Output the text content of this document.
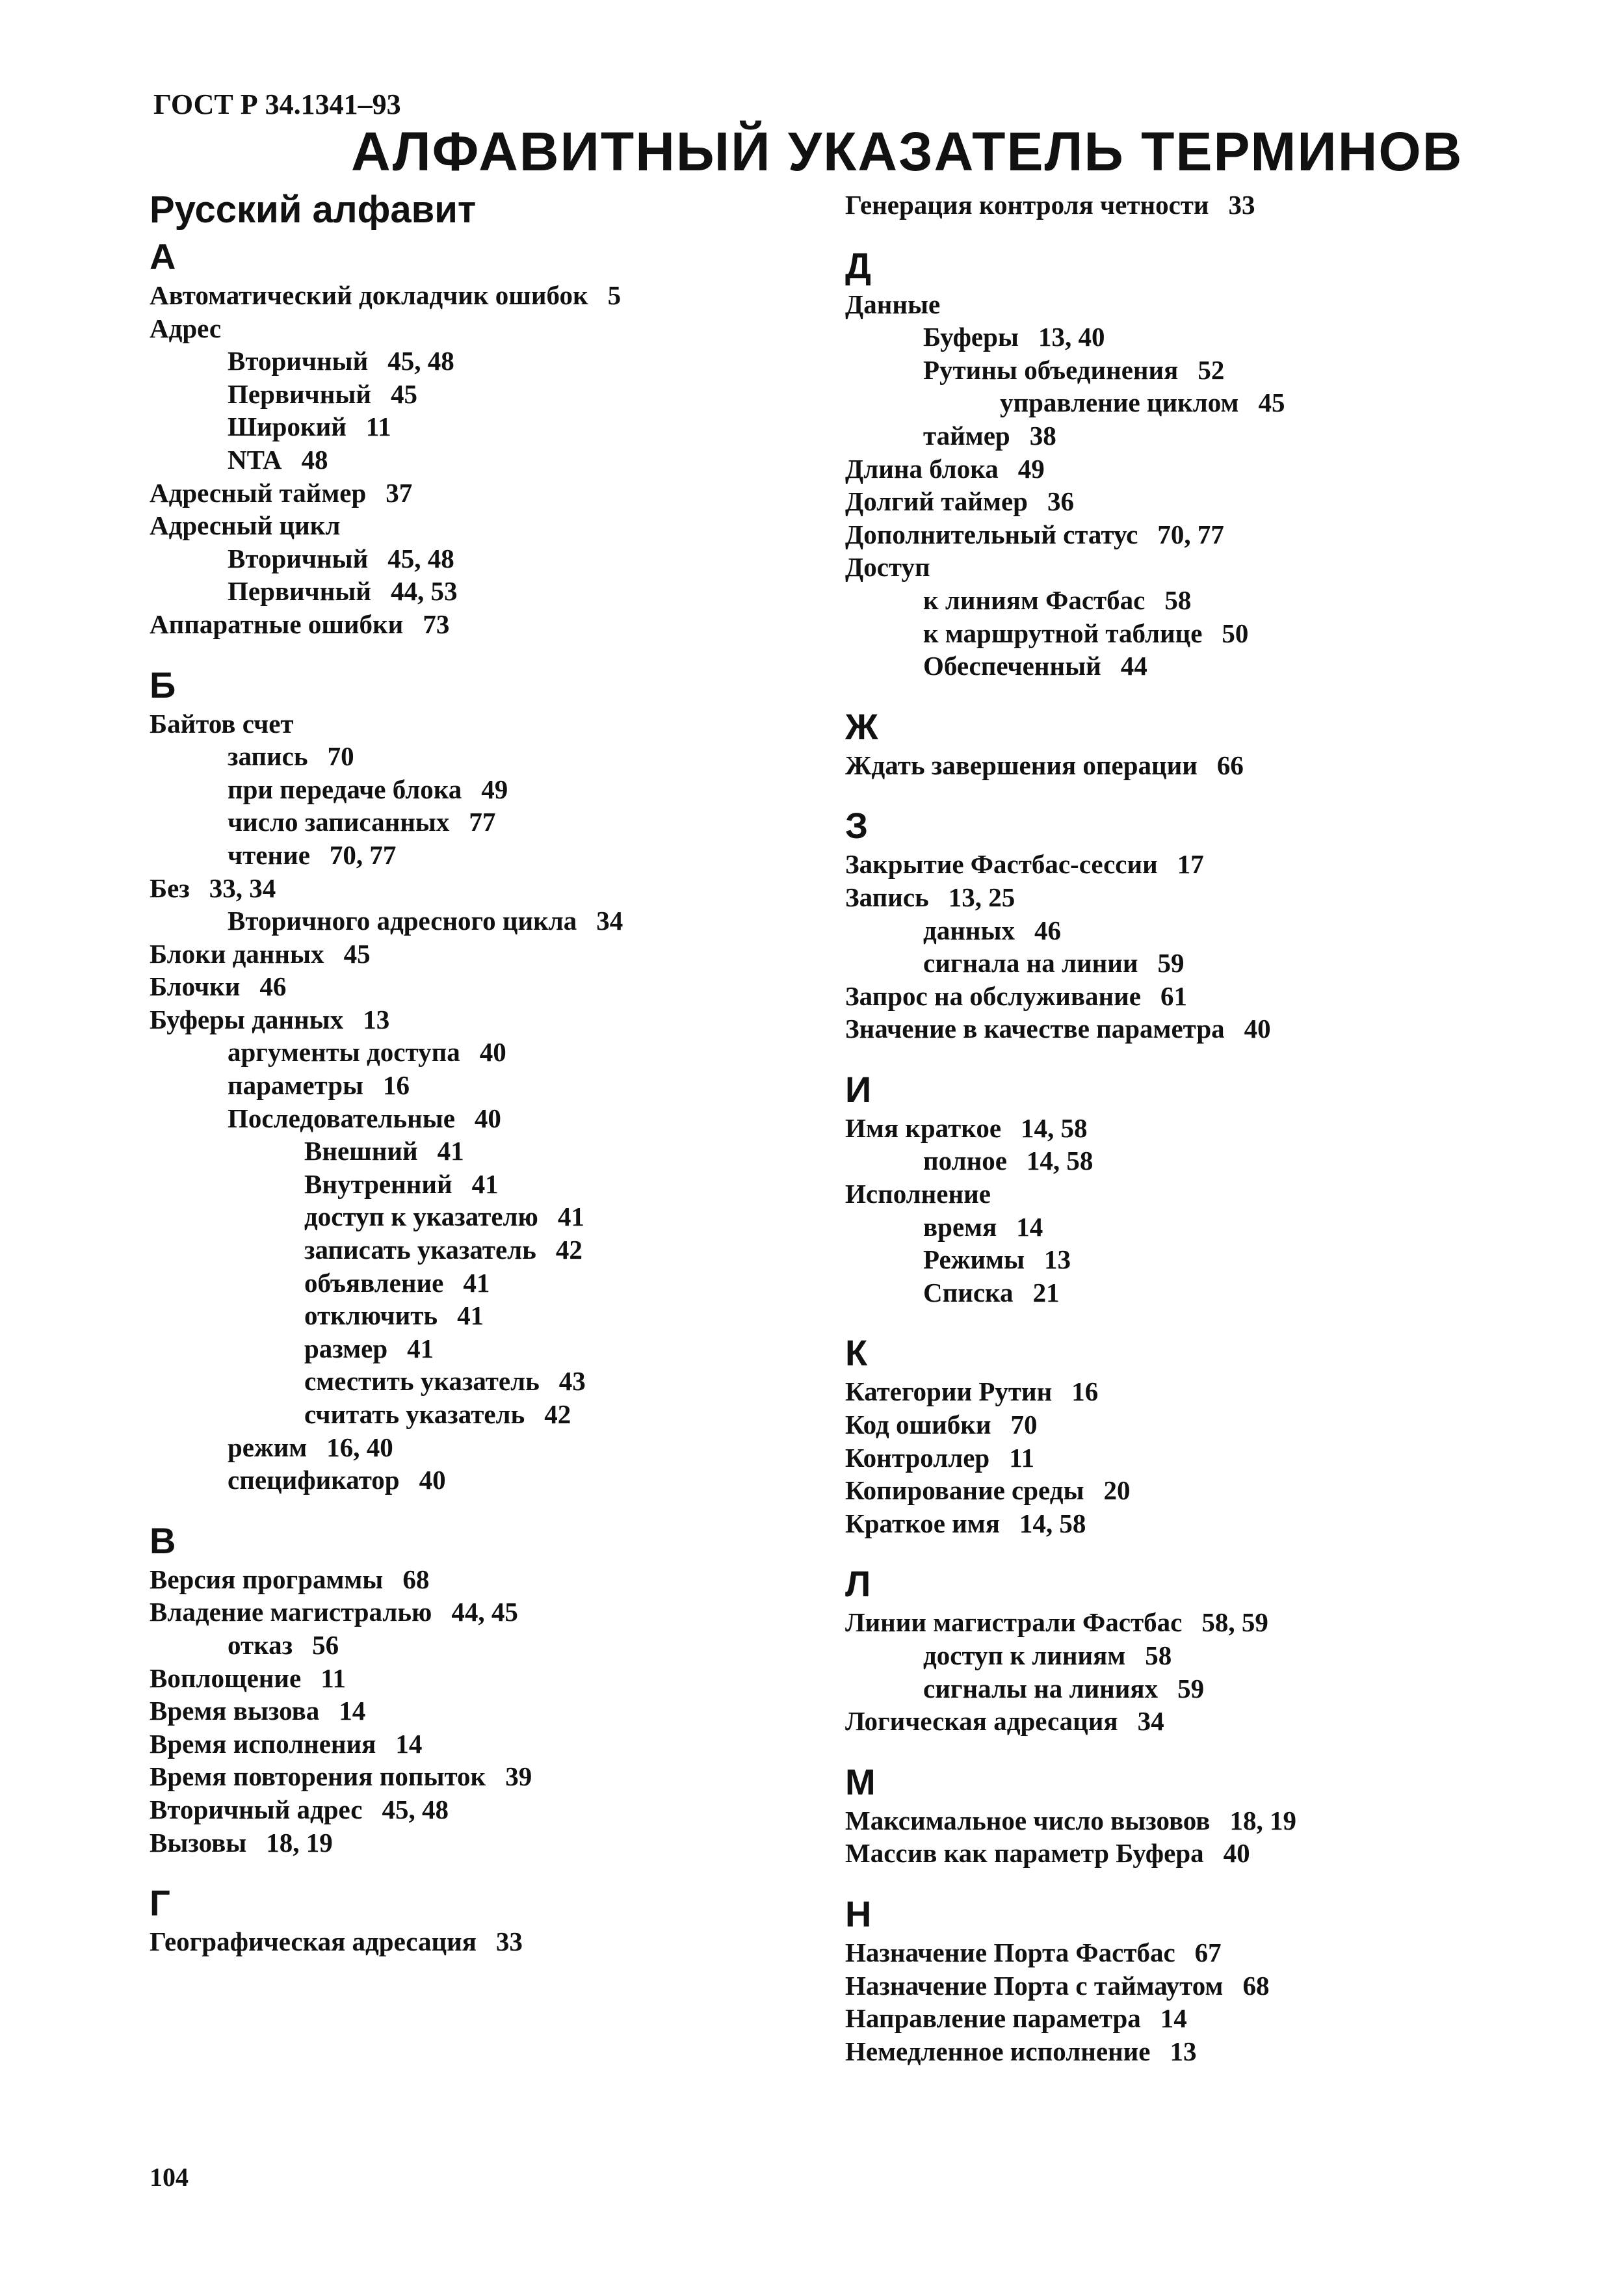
ГОСТ Р 34.1341–93
АЛФАВИТНЫЙ УКАЗАТЕЛЬ ТЕРМИНОВ
Русский алфавит
А
Автоматический докладчик ошибок 5
Адрес
Вторичный 45, 48
Первичный 45
Широкий 11
NTA 48
Адресный таймер 37
Адресный цикл
Вторичный 45, 48
Первичный 44, 53
Аппаратные ошибки 73
Б
Байтов счет
запись 70
при передаче блока 49
число записанных 77
чтение 70, 77
Без 33, 34
Вторичного адресного цикла 34
Блоки данных 45
Блочки 46
Буферы данных 13
аргументы доступа 40
параметры 16
Последовательные 40
Внешний 41
Внутренний 41
доступ к указателю 41
записать указатель 42
объявление 41
отключить 41
размер 41
сместить указатель 43
считать указатель 42
режим 16, 40
спецификатор 40
В
Версия программы 68
Владение магистралью 44, 45
отказ 56
Воплощение 11
Время вызова 14
Время исполнения 14
Время повторения попыток 39
Вторичный адрес 45, 48
Вызовы 18, 19
Г
Географическая адресация 33
Генерация контроля четности 33
Д
Данные
Буферы 13, 40
Рутины объединения 52
управление циклом 45
таймер 38
Длина блока 49
Долгий таймер 36
Дополнительный статус 70, 77
Доступ
к линиям Фастбас 58
к маршрутной таблице 50
Обеспеченный 44
Ж
Ждать завершения операции 66
З
Закрытие Фастбас-сессии 17
Запись 13, 25
данных 46
сигнала на линии 59
Запрос на обслуживание 61
Значение в качестве параметра 40
И
Имя краткое 14, 58
полное 14, 58
Исполнение
время 14
Режимы 13
Списка 21
К
Категории Рутин 16
Код ошибки 70
Контроллер 11
Копирование среды 20
Краткое имя 14, 58
Л
Линии магистрали Фастбас 58, 59
доступ к линиям 58
сигналы на линиях 59
Логическая адресация 34
М
Максимальное число вызовов 18, 19
Массив как параметр Буфера 40
Н
Назначение Порта Фастбас 67
Назначение Порта с таймаутом 68
Направление параметра 14
Немедленное исполнение 13
104
